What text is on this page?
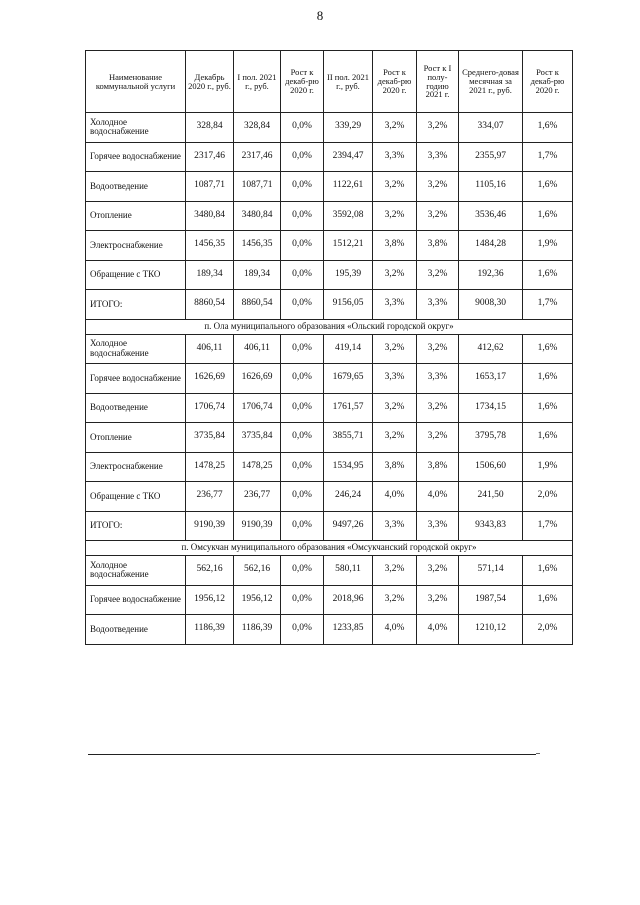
8
Наименование коммунальной услуги	Декабрь 2020 г., руб.	I пол. 2021 г., руб.	Рост к декаб-рю 2020 г.	II пол. 2021 г., руб.	Рост к декаб-рю 2020 г.	Рост к I полу-годию 2021 г.	Среднего-довая месячная за 2021 г., руб.	Рост к декаб-рю 2020 г.
Холодное водоснабжение	328,84	328,84	0,0%	339,29	3,2%	3,2%	334,07	1,6%
Горячее водоснабжение	2317,46	2317,46	0,0%	2394,47	3,3%	3,3%	2355,97	1,7%
Водоотведение	1087,71	1087,71	0,0%	1122,61	3,2%	3,2%	1105,16	1,6%
Отопление	3480,84	3480,84	0,0%	3592,08	3,2%	3,2%	3536,46	1,6%
Электроснабжение	1456,35	1456,35	0,0%	1512,21	3,8%	3,8%	1484,28	1,9%
Обращение с ТКО	189,34	189,34	0,0%	195,39	3,2%	3,2%	192,36	1,6%
ИТОГО:	8860,54	8860,54	0,0%	9156,05	3,3%	3,3%	9008,30	1,7%
п. Ола муниципального образования «Ольский городской округ»								
Холодное водоснабжение	406,11	406,11	0,0%	419,14	3,2%	3,2%	412,62	1,6%
Горячее водоснабжение	1626,69	1626,69	0,0%	1679,65	3,3%	3,3%	1653,17	1,6%
Водоотведение	1706,74	1706,74	0,0%	1761,57	3,2%	3,2%	1734,15	1,6%
Отопление	3735,84	3735,84	0,0%	3855,71	3,2%	3,2%	3795,78	1,6%
Электроснабжение	1478,25	1478,25	0,0%	1534,95	3,8%	3,8%	1506,60	1,9%
Обращение с ТКО	236,77	236,77	0,0%	246,24	4,0%	4,0%	241,50	2,0%
ИТОГО:	9190,39	9190,39	0,0%	9497,26	3,3%	3,3%	9343,83	1,7%
п. Омсукчан муниципального образования «Омсукчанский городской округ»								
Холодное водоснабжение	562,16	562,16	0,0%	580,11	3,2%	3,2%	571,14	1,6%
Горячее водоснабжение	1956,12	1956,12	0,0%	2018,96	3,2%	3,2%	1987,54	1,6%
Водоотведение	1186,39	1186,39	0,0%	1233,85	4,0%	4,0%	1210,12	2,0%
